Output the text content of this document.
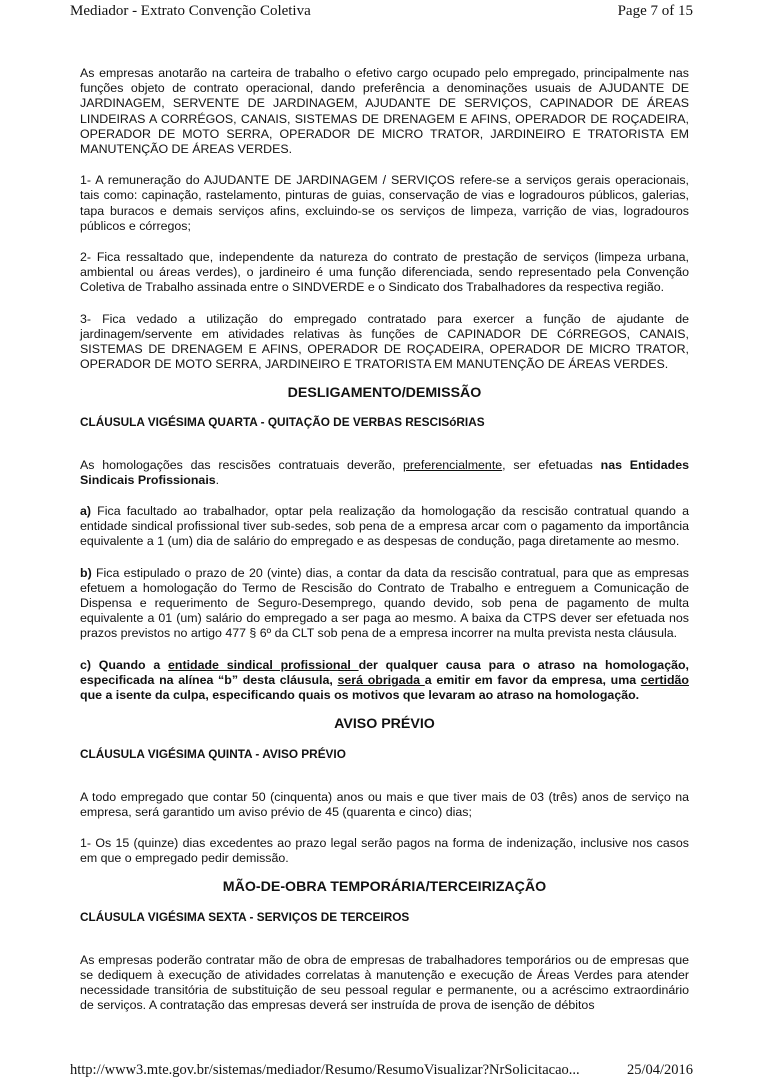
Mediador - Extrato Convenção Coletiva	Page 7 of 15

As empresas anotarão na carteira de trabalho o efetivo cargo ocupado pelo empregado, principalmente nas funções objeto de contrato operacional, dando preferência a denominações usuais de AJUDANTE DE JARDINAGEM, SERVENTE DE JARDINAGEM, AJUDANTE DE SERVIÇOS, CAPINADOR DE ÁREAS LINDEIRAS A CORRÉGOS, CANAIS, SISTEMAS DE DRENAGEM E AFINS, OPERADOR DE ROÇADEIRA, OPERADOR DE MOTO SERRA, OPERADOR DE MICRO TRATOR, JARDINEIRO E TRATORISTA EM MANUTENÇÃO DE ÁREAS VERDES.

1- A remuneração do AJUDANTE DE JARDINAGEM / SERVIÇOS refere-se a serviços gerais operacionais, tais como: capinação, rastelamento, pinturas de guias, conservação de vias e logradouros públicos, galerias, tapa buracos e demais serviços afins, excluindo-se os serviços de limpeza, varrição de vias, logradouros públicos e córregos;

2- Fica ressaltado que, independente da natureza do contrato de prestação de serviços (limpeza urbana, ambiental ou áreas verdes), o jardineiro é uma função diferenciada, sendo representado pela Convenção Coletiva de Trabalho assinada entre o SINDVERDE e o Sindicato dos Trabalhadores da respectiva região.

3- Fica vedado a utilização do empregado contratado para exercer a função de ajudante de jardinagem/servente em atividades relativas às funções de CAPINADOR DE CóRREGOS, CANAIS, SISTEMAS DE DRENAGEM E AFINS, OPERADOR DE ROÇADEIRA, OPERADOR DE MICRO TRATOR, OPERADOR DE MOTO SERRA, JARDINEIRO E TRATORISTA EM MANUTENÇÃO DE ÁREAS VERDES.

DESLIGAMENTO/DEMISSÃO

CLÁUSULA VIGÉSIMA QUARTA - QUITAÇÃO DE VERBAS RESCISóRIAS

As homologações das rescisões contratuais deverão, preferencialmente, ser efetuadas nas Entidades Sindicais Profissionais.

a) Fica facultado ao trabalhador, optar pela realização da homologação da rescisão contratual quando a entidade sindical profissional tiver sub-sedes, sob pena de a empresa arcar com o pagamento da importância equivalente a 1 (um) dia de salário do empregado e as despesas de condução, paga diretamente ao mesmo.

b) Fica estipulado o prazo de 20 (vinte) dias, a contar da data da rescisão contratual, para que as empresas efetuem a homologação do Termo de Rescisão do Contrato de Trabalho e entreguem a Comunicação de Dispensa e requerimento de Seguro-Desemprego, quando devido, sob pena de pagamento de multa equivalente a 01 (um) salário do empregado a ser paga ao mesmo. A baixa da CTPS dever ser efetuada nos prazos previstos no artigo 477 § 6º da CLT sob pena de a empresa incorrer na multa prevista nesta cláusula.

c) Quando a entidade sindical profissional der qualquer causa para o atraso na homologação, especificada na alínea “b” desta cláusula, será obrigada a emitir em favor da empresa, uma certidão que a isente da culpa, especificando quais os motivos que levaram ao atraso na homologação.

AVISO PRÉVIO

CLÁUSULA VIGÉSIMA QUINTA - AVISO PRÉVIO

A todo empregado que contar 50 (cinquenta) anos ou mais e que tiver mais de 03 (três) anos de serviço na empresa, será garantido um aviso prévio de 45 (quarenta e cinco) dias;

1- Os 15 (quinze) dias excedentes ao prazo legal serão pagos na forma de indenização, inclusive nos casos em que o empregado pedir demissão.

MÃO-DE-OBRA TEMPORÁRIA/TERCEIRIZAÇÃO

CLÁUSULA VIGÉSIMA SEXTA - SERVIÇOS DE TERCEIROS

As empresas poderão contratar mão de obra de empresas de trabalhadores temporários ou de empresas que se dediquem à execução de atividades correlatas à manutenção e execução de Áreas Verdes para atender necessidade transitória de substituição de seu pessoal regular e permanente, ou a acréscimo extraordinário de serviços. A contratação das empresas deverá ser instruída de prova de isenção de débitos

http://www3.mte.gov.br/sistemas/mediador/Resumo/ResumoVisualizar?NrSolicitacao...	25/04/2016
